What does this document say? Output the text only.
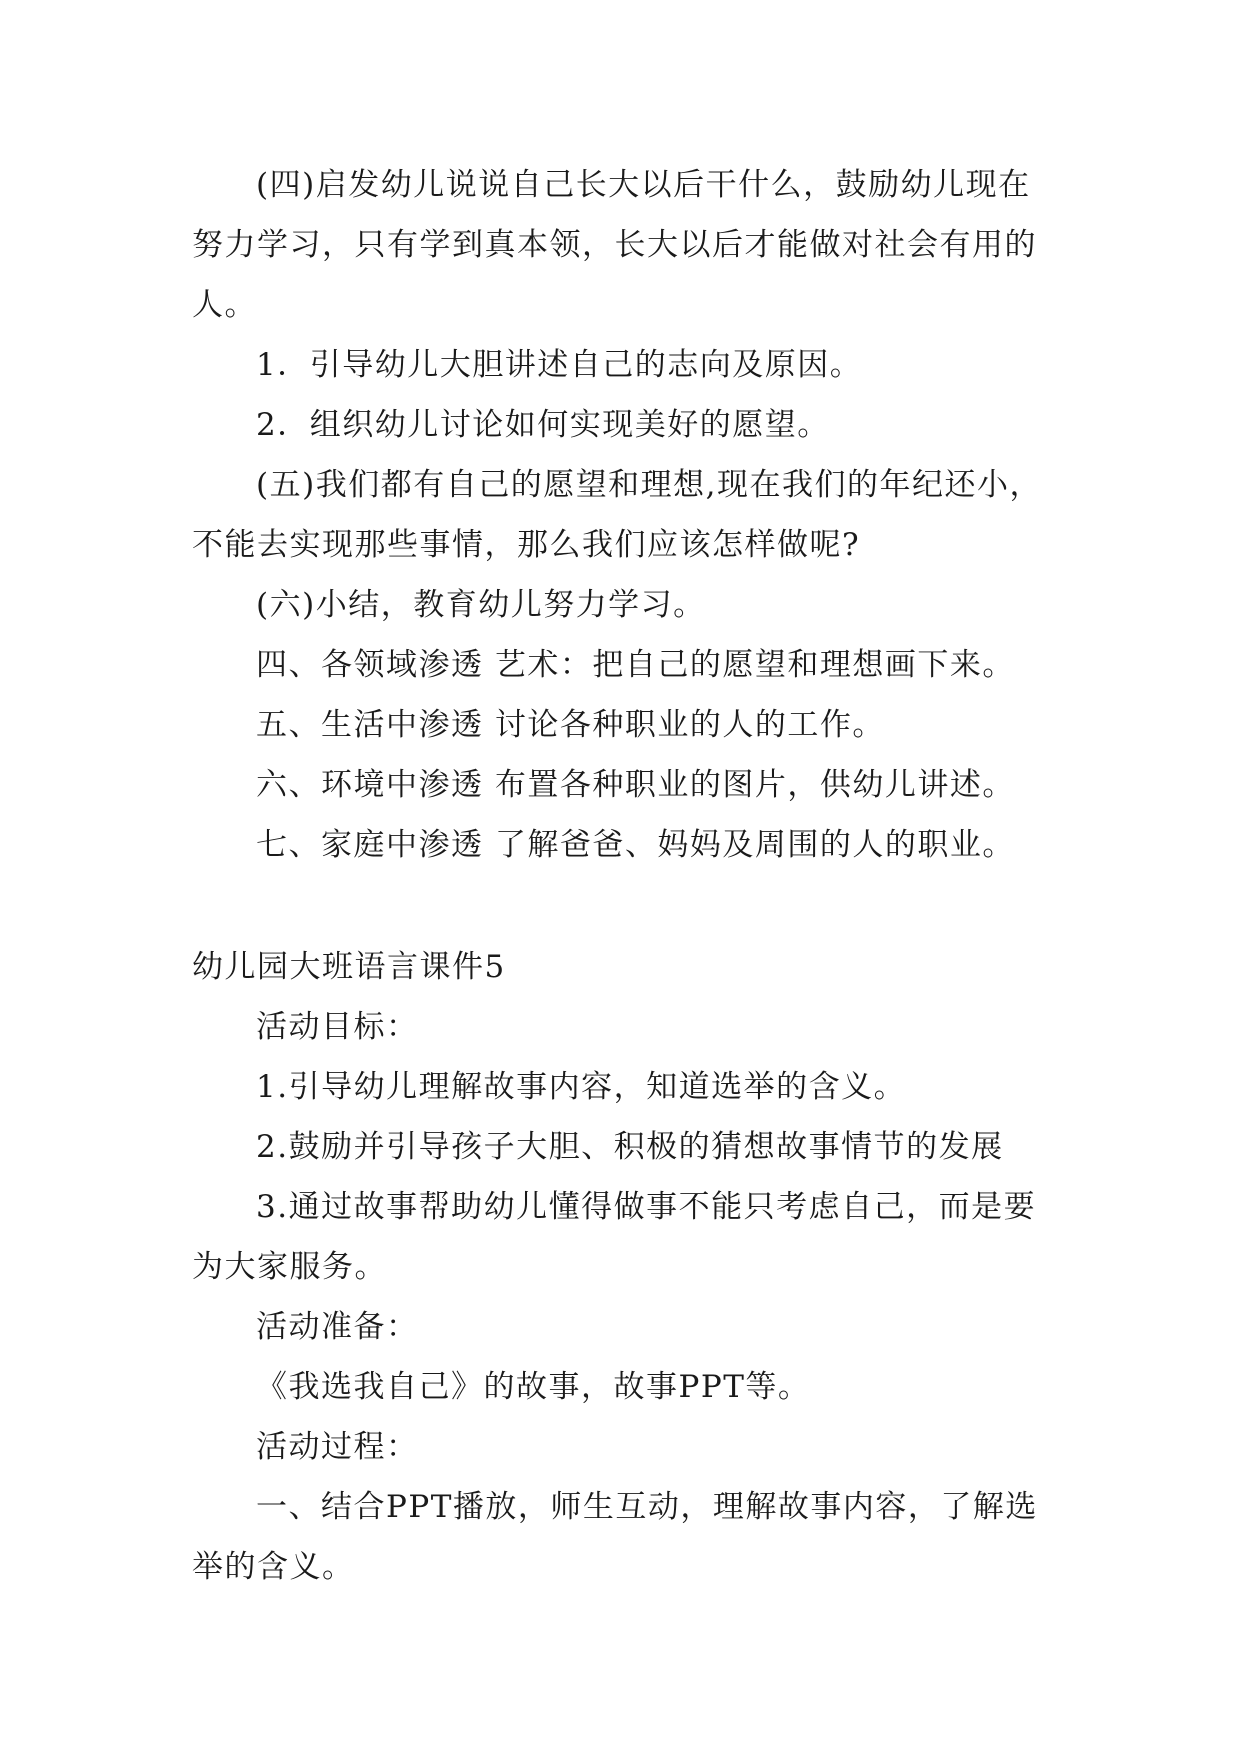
(四)启发幼儿说说自己长大以后干什么，鼓励幼儿现在努力学习，只有学到真本领，长大以后才能做对社会有用的人。

1．引导幼儿大胆讲述自己的志向及原因。

2．组织幼儿讨论如何实现美好的愿望。

(五)我们都有自己的愿望和理想,现在我们的年纪还小，不能去实现那些事情，那么我们应该怎样做呢?

(六)小结，教育幼儿努力学习。

四、各领域渗透 艺术：把自己的愿望和理想画下来。

五、生活中渗透 讨论各种职业的人的工作。

六、环境中渗透 布置各种职业的图片，供幼儿讲述。

七、家庭中渗透 了解爸爸、妈妈及周围的人的职业。

幼儿园大班语言课件5

活动目标：

1.引导幼儿理解故事内容，知道选举的含义。

2.鼓励并引导孩子大胆、积极的猜想故事情节的发展

3.通过故事帮助幼儿懂得做事不能只考虑自己，而是要为大家服务。

活动准备：

《我选我自己》的故事，故事PPT等。

活动过程：

一、结合PPT播放，师生互动，理解故事内容，了解选举的含义。
